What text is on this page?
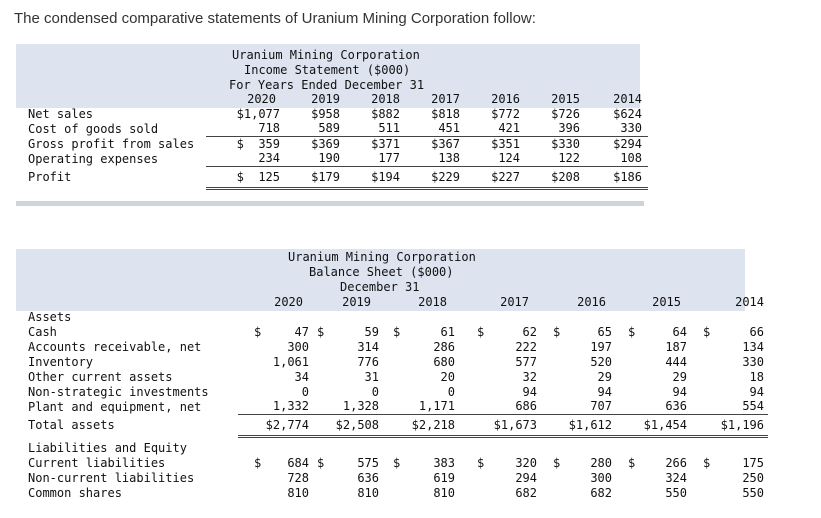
The condensed comparative statements of Uranium Mining Corporation follow:
Uranium Mining Corporation
Income Statement ($000)
For Years Ended December 31
	2020	2019	2018	2017	2016	2015	2014
Net sales	$1,077	$958	$882	$818	$772	$726	$624
Cost of goods sold	718	589	511	451	421	396	330
Gross profit from sales	$  359	$369	$371	$367	$351	$330	$294
Operating expenses	234	190	177	138	124	122	108
Profit	$  125	$179	$194	$229	$227	$208	$186
Uranium Mining Corporation
Balance Sheet ($000)
December 31
	2020	2019	2018	2017	2016	2015	2014
Assets							
Cash	$ 47	$ 59	$ 61	$ 62	$ 65	$ 64	$ 66
Accounts receivable, net	300	314	286	222	197	187	134
Inventory	1,061	776	680	577	520	444	330
Other current assets	34	31	20	32	29	29	18
Non-strategic investments	0	0	0	94	94	94	94
Plant and equipment, net	1,332	1,328	1,171	686	707	636	554
Total assets	$2,774	$2,508	$2,218	$1,673	$1,612	$1,454	$1,196
Liabilities and Equity							
Current liabilities	$ 684	$ 575	$ 383	$ 320	$ 280	$ 266	$ 175
Non-current liabilities	728	636	619	294	300	324	250
Common shares	810	810	810	682	682	550	550
